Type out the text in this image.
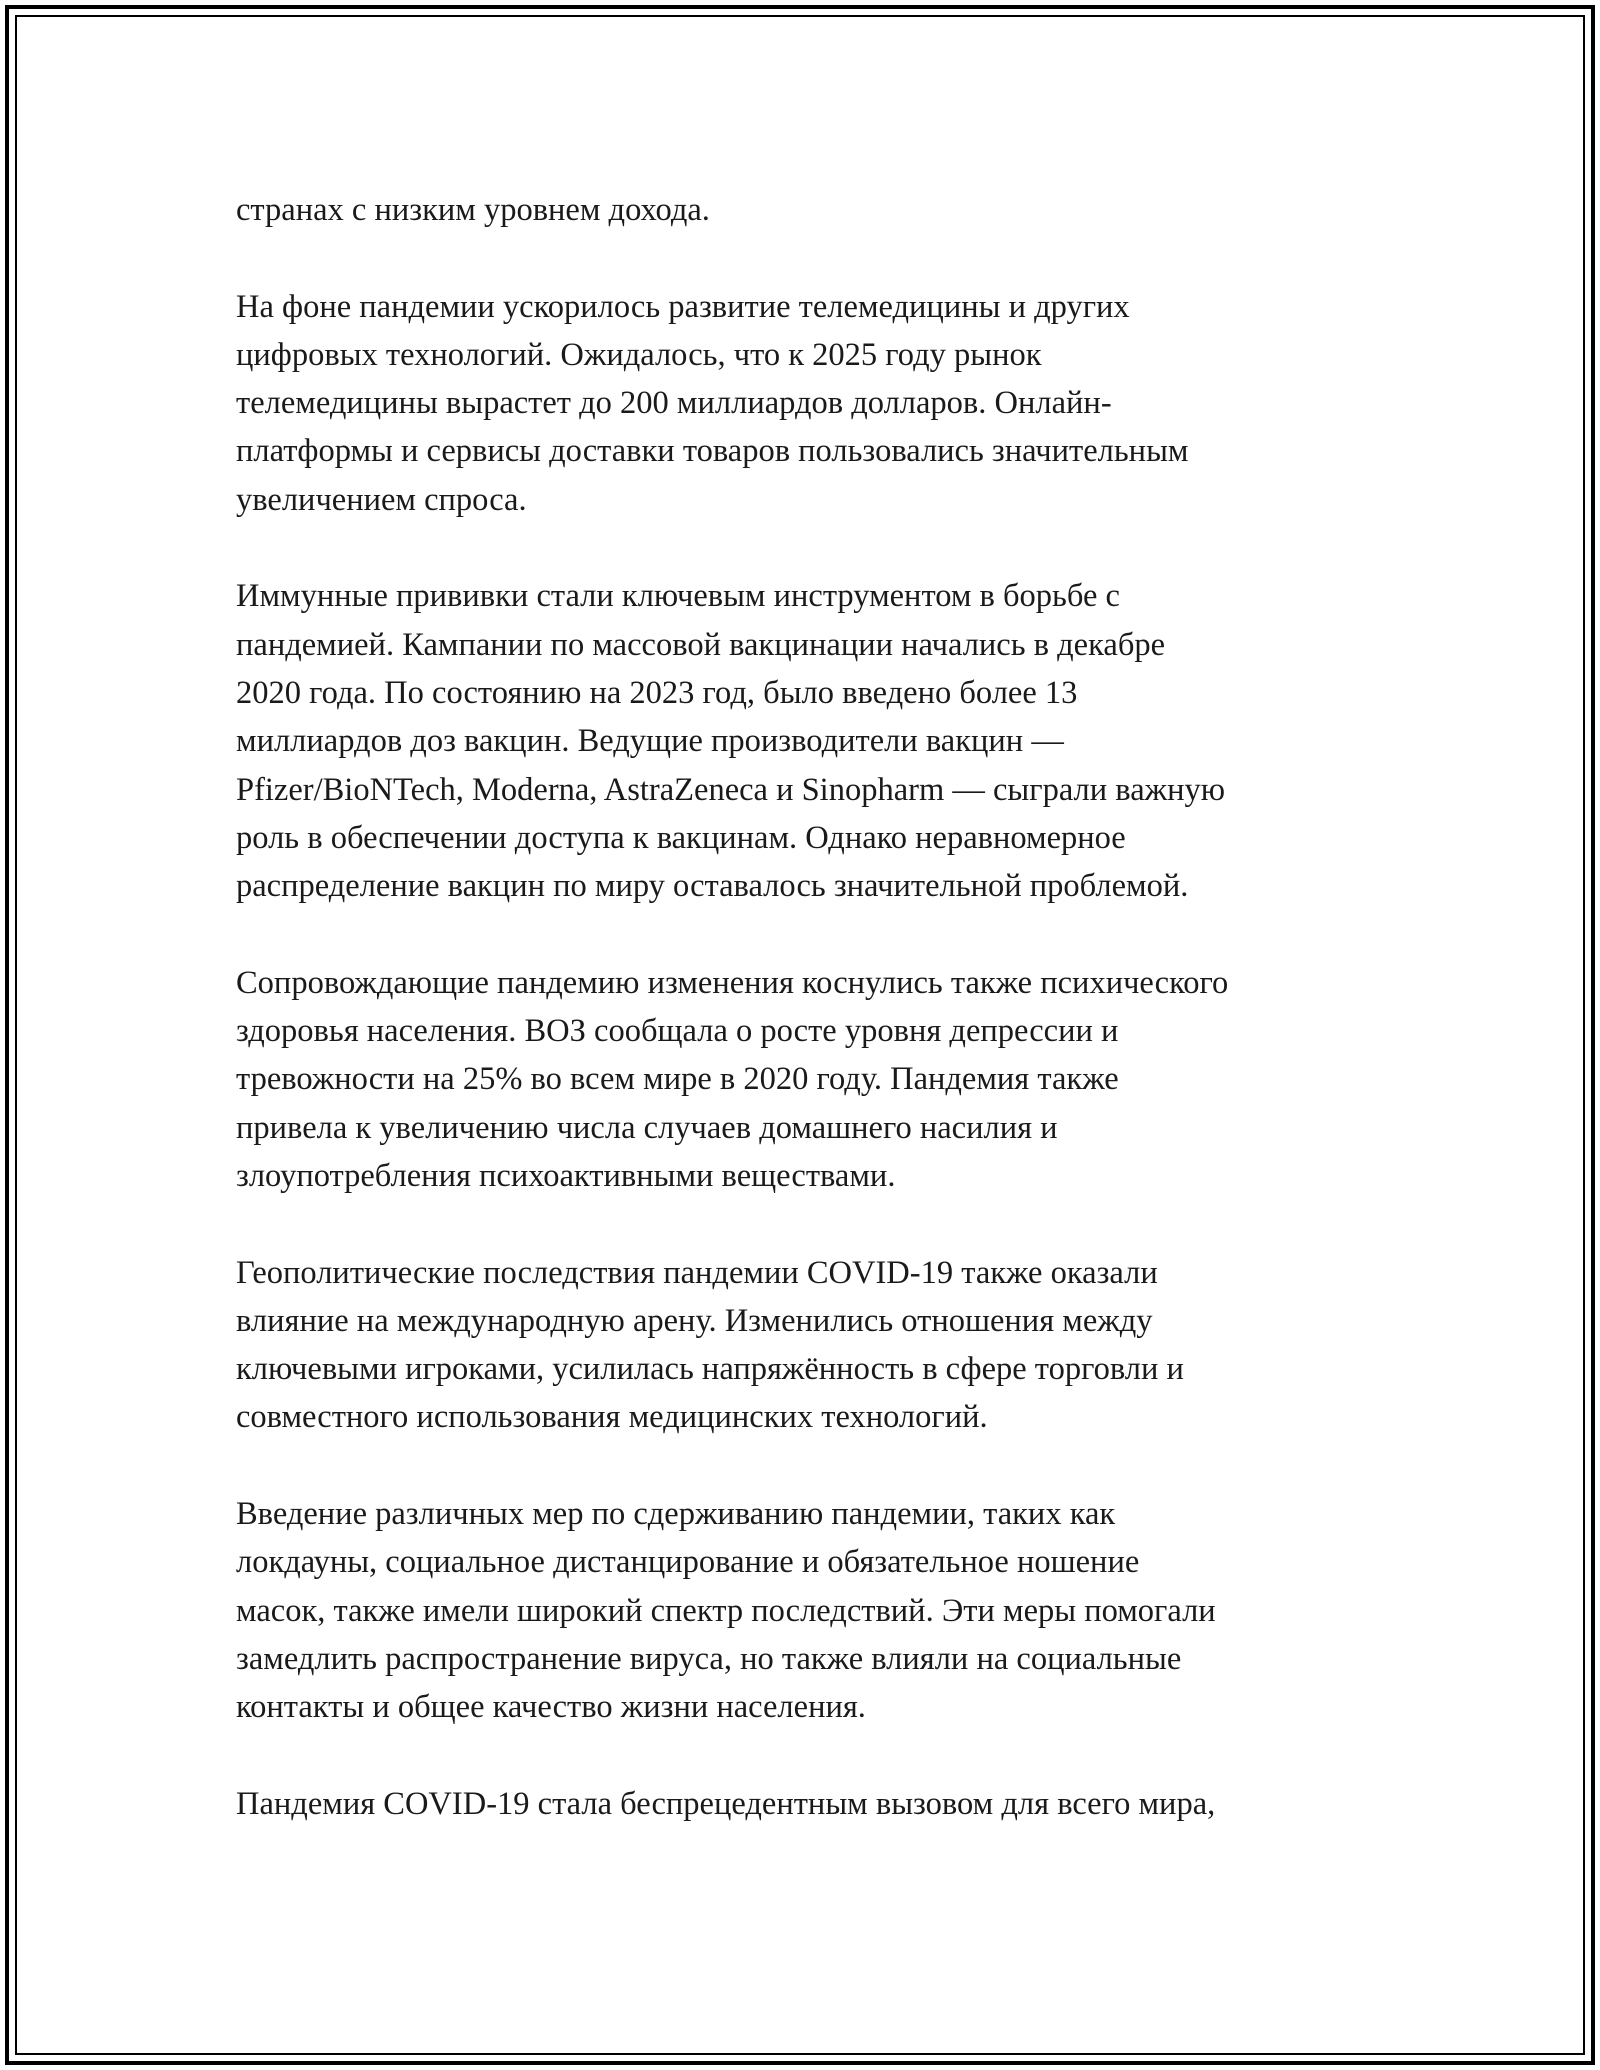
странах с низким уровнем дохода.
На фоне пандемии ускорилось развитие телемедицины и других
цифровых технологий. Ожидалось, что к 2025 году рынок
телемедицины вырастет до 200 миллиардов долларов. Онлайн-
платформы и сервисы доставки товаров пользовались значительным
увеличением спроса.
Иммунные прививки стали ключевым инструментом в борьбе с
пандемией. Кампании по массовой вакцинации начались в декабре
2020 года. По состоянию на 2023 год, было введено более 13
миллиардов доз вакцин. Ведущие производители вакцин —
Pfizer/BioNTech, Moderna, AstraZeneca и Sinopharm — сыграли важную
роль в обеспечении доступа к вакцинам. Однако неравномерное
распределение вакцин по миру оставалось значительной проблемой.
Сопровождающие пандемию изменения коснулись также психического
здоровья населения. ВОЗ сообщала о росте уровня депрессии и
тревожности на 25% во всем мире в 2020 году. Пандемия также
привела к увеличению числа случаев домашнего насилия и
злоупотребления психоактивными веществами.
Геополитические последствия пандемии COVID-19 также оказали
влияние на международную арену. Изменились отношения между
ключевыми игроками, усилилась напряжённость в сфере торговли и
совместного использования медицинских технологий.
Введение различных мер по сдерживанию пандемии, таких как
локдауны, социальное дистанцирование и обязательное ношение
масок, также имели широкий спектр последствий. Эти меры помогали
замедлить распространение вируса, но также влияли на социальные
контакты и общее качество жизни населения.
Пандемия COVID-19 стала беспрецедентным вызовом для всего мира,
